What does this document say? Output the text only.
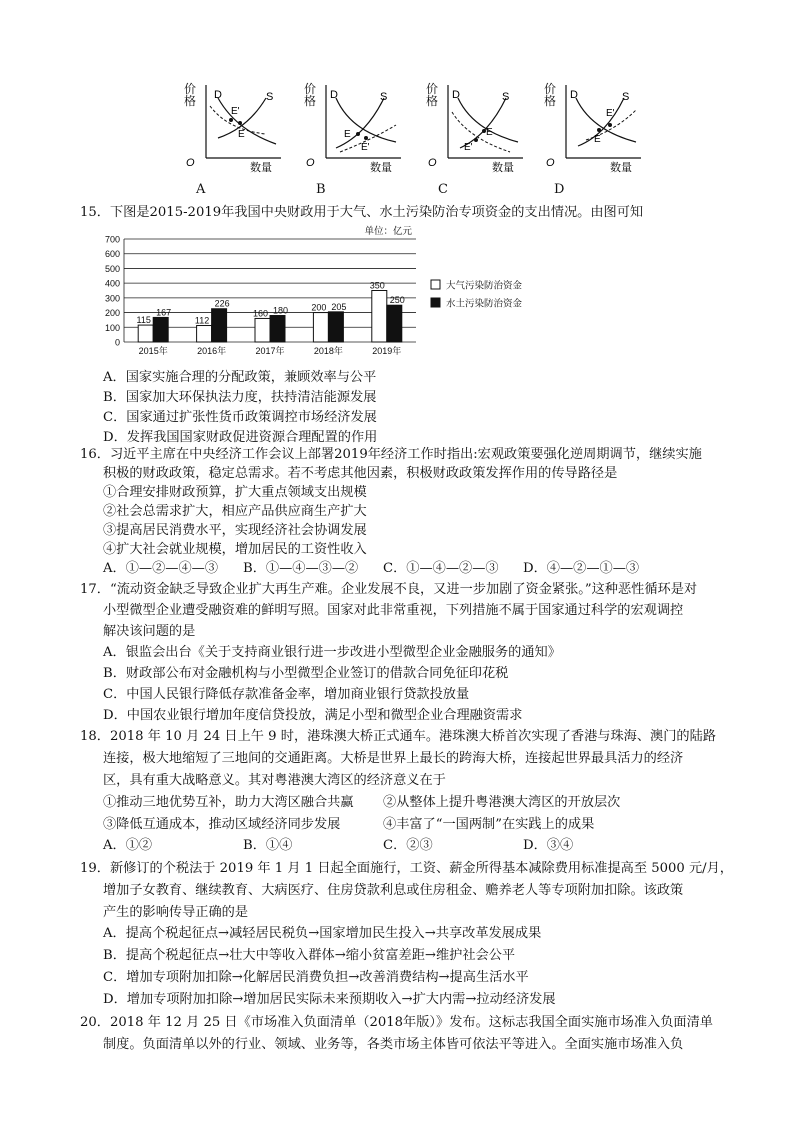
D	S
E'
E
O	数量
价格	D	S
E
E'
O	数量
价格	D	S
E
E'
O	数量
价格	D	S
E'
E
O	数量
价格
A	B	C	D
15．下图是2015-2019年我国中央财政用于大气、水土污染防治专项资金的支出情况。由图可知
0
100
200
300
400
500
600
700
单位：亿元
115
167
2015年
112
226
2016年
160 180
2017年
200 205
2018年
350
250
2019年
大气污染防治资金
水土污染防治资金
A．国家实施合理的分配政策，兼顾效率与公平
B．国家加大环保执法力度，扶持清洁能源发展
C．国家通过扩张性货币政策调控市场经济发展
D．发挥我国国家财政促进资源合理配置的作用
16．习近平主席在中央经济工作会议上部署2019年经济工作时指出:宏观政策要强化逆周期调节，继续实施
积极的财政政策，稳定总需求。若不考虑其他因素，积极财政政策发挥作用的传导路径是
①合理安排财政预算，扩大重点领域支出规模
②社会总需求扩大，相应产品供应商生产扩大
③提高居民消费水平，实现经济社会协调发展
④扩大社会就业规模，增加居民的工资性收入
A．①—②—④—③ B．①—④—③—② C．①—④—②—③ D．④—②—①—③
17．“流动资金缺乏导致企业扩大再生产难。企业发展不良，又进一步加剧了资金紧张。”这种恶性循环是对
小型微型企业遭受融资难的鲜明写照。国家对此非常重视，下列措施不属于国家通过科学的宏观调控
解决该问题的是
A．银监会出台《关于支持商业银行进一步改进小型微型企业金融服务的通知》
B．财政部公布对金融机构与小型微型企业签订的借款合同免征印花税
C．中国人民银行降低存款准备金率，增加商业银行贷款投放量
D．中国农业银行增加年度信贷投放，满足小型和微型企业合理融资需求
18．2018 年 10 月 24 日上午 9 时，港珠澳大桥正式通车。港珠澳大桥首次实现了香港与珠海、澳门的陆路
连接，极大地缩短了三地间的交通距离。大桥是世界上最长的跨海大桥，连接起世界最具活力的经济
区，具有重大战略意义。其对粤港澳大湾区的经济意义在于
①推动三地优势互补，助力大湾区融合共赢 ②从整体上提升粤港澳大湾区的开放层次
③降低互通成本，推动区域经济同步发展	④丰富了“一国两制”在实践上的成果
A．①②	B．①④	C．②③	D．③④
19．新修订的个税法于 2019 年 1 月 1 日起全面施行，工资、薪金所得基本减除费用标准提高至 5000 元/月，
增加子女教育、继续教育、大病医疗、住房贷款利息或住房租金、赡养老人等专项附加扣除。该政策
产生的影响传导正确的是
A．提高个税起征点→减轻居民税负→国家增加民生投入→共享改革发展成果
B．提高个税起征点→壮大中等收入群体→缩小贫富差距→维护社会公平
C．增加专项附加扣除→化解居民消费负担→改善消费结构→提高生活水平
D．增加专项附加扣除→增加居民实际未来预期收入→扩大内需→拉动经济发展
20．2018 年 12 月 25 日《市场准入负面清单（2018年版）》发布。这标志我国全面实施市场准入负面清单
制度。负面清单以外的行业、领域、业务等，各类市场主体皆可依法平等进入。全面实施市场准入负
